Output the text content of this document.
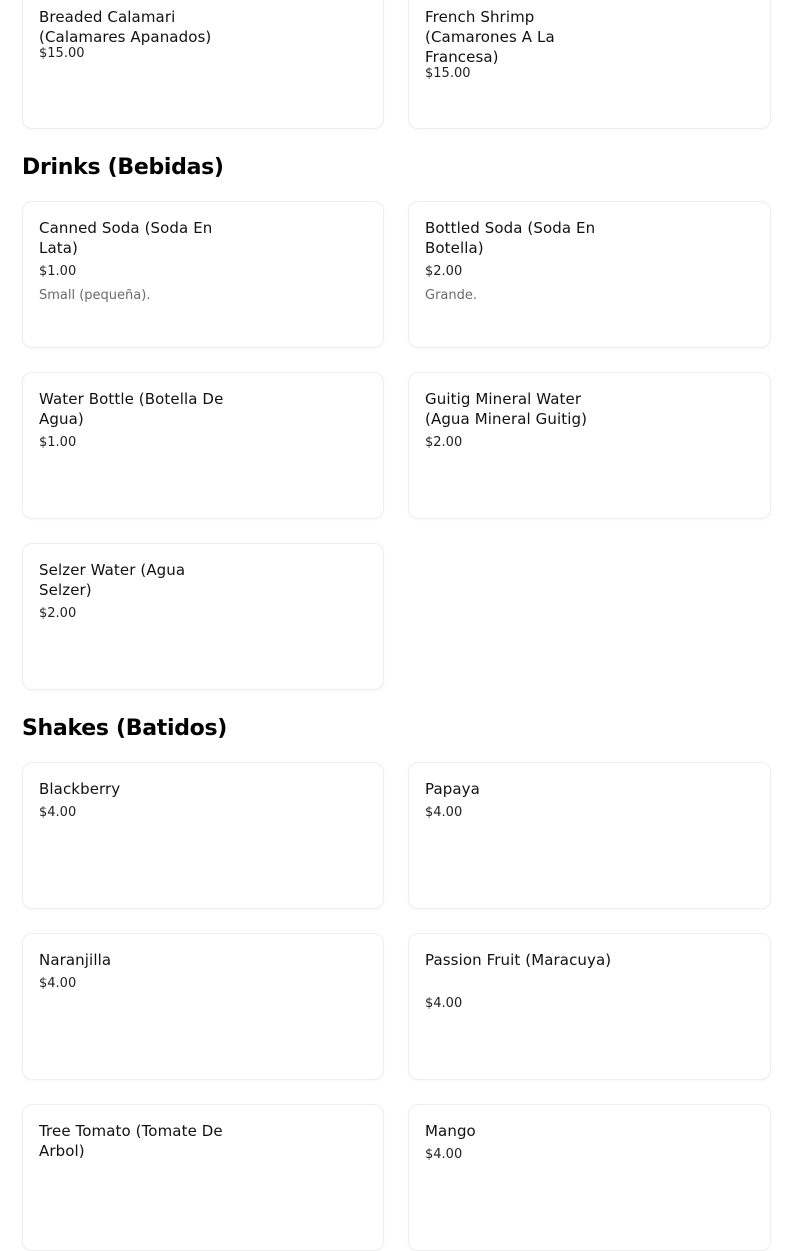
Breaded Calamari (Calamares Apanados)
$15.00
French Shrimp (Camarones A La Francesa)
$15.00
Drinks (Bebidas)
Canned Soda (Soda En Lata)
$1.00
Small (pequeña).
Bottled Soda (Soda En Botella)
$2.00
Grande.
Water Bottle (Botella De Agua)
$1.00
Guitig Mineral Water (Agua Mineral Guitig)
$2.00
Selzer Water (Agua Selzer)
$2.00
Shakes (Batidos)
Blackberry
$4.00
Papaya
$4.00
Naranjilla
$4.00
Passion Fruit (Maracuya)
$4.00
Tree Tomato (Tomate De Arbol)
Mango
$4.00
